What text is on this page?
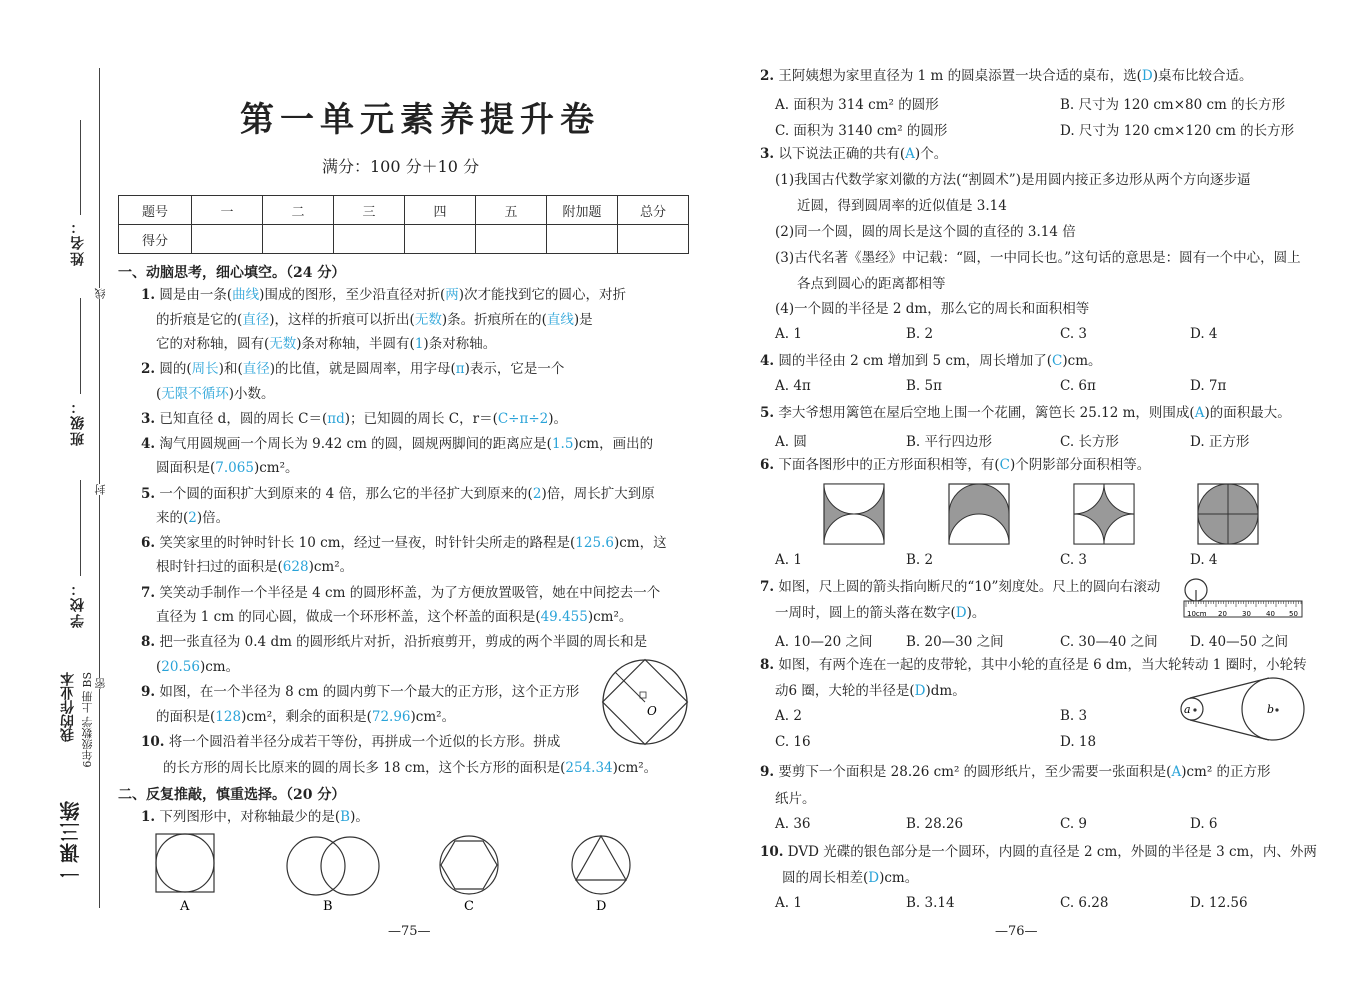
姓名：
班级：
学校：
线
封
密
一课三练
我的作业本 6年级数学 上册 BS
第一单元素养提升卷
满分：100 分＋10 分
题号	一	二	三	四	五	附加题	总分
得分							
一、动脑思考，细心填空。（24 分）
1. 圆是由一条(曲线)围成的图形，至少沿直径对折(两)次才能找到它的圆心，对折
的折痕是它的(直径)，这样的折痕可以折出(无数)条。折痕所在的(直线)是
它的对称轴，圆有(无数)条对称轴，半圆有(1)条对称轴。
2. 圆的(周长)和(直径)的比值，就是圆周率，用字母(π)表示，它是一个
(无限不循环)小数。
3. 已知直径 d，圆的周长 C＝(πd)；已知圆的周长 C，r＝(C÷π÷2)。
4. 淘气用圆规画一个周长为 9.42 cm 的圆，圆规两脚间的距离应是(1.5)cm，画出的
圆面积是(7.065)cm²。
5. 一个圆的面积扩大到原来的 4 倍，那么它的半径扩大到原来的(2)倍，周长扩大到原
来的(2)倍。
6. 笑笑家里的时钟时针长 10 cm，经过一昼夜，时针针尖所走的路程是(125.6)cm，这
根时针扫过的面积是(628)cm²。
7. 笑笑动手制作一个半径是 4 cm 的圆形杯盖，为了方便放置吸管，她在中间挖去一个
直径为 1 cm 的同心圆，做成一个环形杯盖，这个杯盖的面积是(49.455)cm²。
8. 把一张直径为 0.4 dm 的圆形纸片对折，沿折痕剪开，剪成的两个半圆的周长和是
(20.56)cm。
9. 如图，在一个半径为 8 cm 的圆内剪下一个最大的正方形，这个正方形
的面积是(128)cm²，剩余的面积是(72.96)cm²。	O
10. 将一个圆沿着半径分成若干等份，再拼成一个近似的长方形。拼成
的长方形的周长比原来的圆的周长多 18 cm，这个长方形的面积是(254.34)cm²。
二、反复推敲，慎重选择。（20 分）
1. 下列图形中，对称轴最少的是(B)。
A	B	C	D
—75—
2. 王阿姨想为家里直径为 1 m 的圆桌添置一块合适的桌布，选(D)桌布比较合适。
A. 面积为 314 cm² 的圆形	B. 尺寸为 120 cm×80 cm 的长方形
C. 面积为 3140 cm² 的圆形	D. 尺寸为 120 cm×120 cm 的长方形
3. 以下说法正确的共有(A)个。
(1)我国古代数学家刘徽的方法(“割圆术”)是用圆内接正多边形从两个方向逐步逼
近圆，得到圆周率的近似值是 3.14
(2)同一个圆，圆的周长是这个圆的直径的 3.14 倍
(3)古代名著《墨经》中记载：“圆，一中同长也。”这句话的意思是：圆有一个中心，圆上
各点到圆心的距离都相等
(4)一个圆的半径是 2 dm，那么它的周长和面积相等
A. 1	B. 2	C. 3	D. 4
4. 圆的半径由 2 cm 增加到 5 cm，周长增加了(C)cm。
A. 4π	B. 5π	C. 6π	D. 7π
5. 李大爷想用篱笆在屋后空地上围一个花圃，篱笆长 25.12 m，则围成(A)的面积最大。
A. 圆	B. 平行四边形	C. 长方形	D. 正方形
6. 下面各图形中的正方形面积相等，有(C)个阴影部分面积相等。
A. 1	B. 2	C. 3	D. 4
7. 如图，尺上圆的箭头指向断尺的“10”刻度处。尺上的圆向右滚动
一周时，圆上的箭头落在数字(D)。	10cm 20 30 40 50
A. 10—20 之间 B. 20—30 之间	C. 30—40 之间 D. 40—50 之间
8. 如图，有两个连在一起的皮带轮，其中小轮的直径是 6 dm，当大轮转动 1 圈时，小轮转
动6 圈，大轮的半径是(D)dm。
a	b
A. 2	B. 3
C. 16	D. 18
9. 要剪下一个面积是 28.26 cm² 的圆形纸片，至少需要一张面积是(A)cm² 的正方形
纸片。
A. 36	B. 28.26	C. 9	D. 6
10. DVD 光碟的银色部分是一个圆环，内圆的直径是 2 cm，外圆的半径是 3 cm，内、外两
圆的周长相差(D)cm。
A. 1	B. 3.14	C. 6.28	D. 12.56
—76—
